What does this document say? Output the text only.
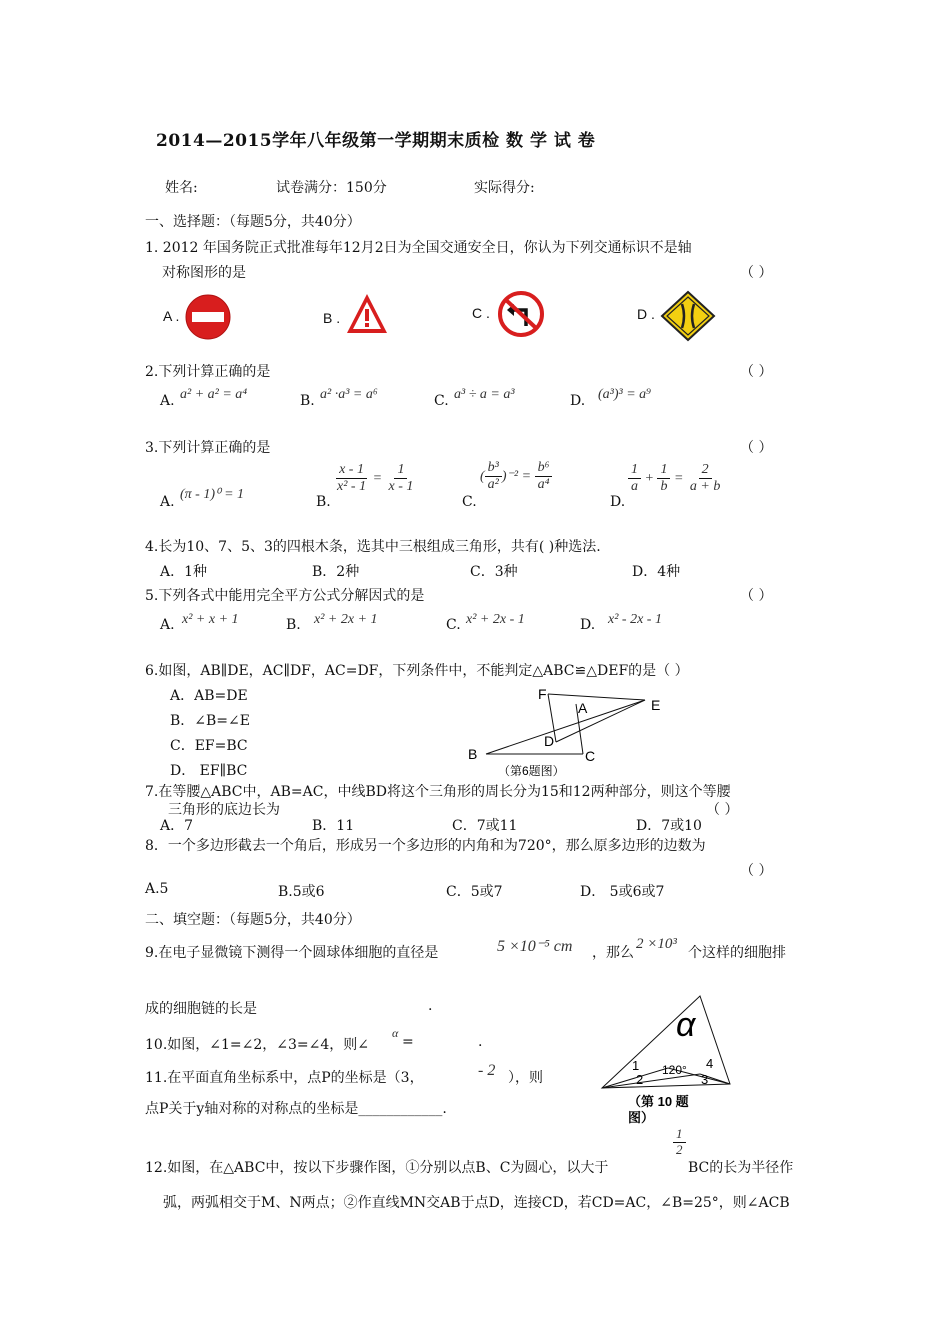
2014—2015学年八年级第一学期期末质检 数 学 试 卷
姓名:	试卷满分：150分	实际得分:
一、选择题：（每题5分，共40分）
1. 2012 年国务院正式批准每年12月2日为全国交通安全日，你认为下列交通标识不是轴
对称图形的是	（ ）
A .	B .	C .	D .
2.下列计算正确的是	（ ）
A. a² + a² = a⁴	B. a² ·a³ = a⁶	C. a³ ÷ a = a³	D. (a³)³ = a⁹
3.下列计算正确的是	（ ）
A. (π - 1)⁰ = 1	B.
$\frac{x - 1}{\text{x² - 1}} = \frac{1}{x - 1}$
C.
( $\frac{\text{b³}}{\text{a²}} )^{-2} = \frac{\text{b⁶}}{\text{a⁴}}$
D.
$\frac{1}{a} + \frac{1}{b} = \frac{2}{a + b}$
4.长为10、7、5、3的四根木条，选其中三根组成三角形，共有( )种选法.
A．1种	B．2种	C．3种	D．4种
5.下列各式中能用完全平方公式分解因式的是	（ ）
A. x² + x + 1	B. x² + 2x + 1	C. x² + 2x - 1	D. x² - 2x - 1
6.如图，AB∥DE，AC∥DF，AC=DF，下列条件中，不能判定△ABC≌△DEF的是（ ）
A．AB=DE
B．∠B=∠E
C．EF=BC
D． EF∥BC
F
A	E
D
B	C
（第6题图）
7.在等腰△ABC中，AB=AC，中线BD将这个三角形的周长分为15和12两种部分，则这个等腰
三角形的底边长为	（ ）
A．7	B．11	C．7或11	D．7或10
8．一个多边形截去一个角后，形成另一个多边形的内角和为720°，那么原多边形的边数为
（ ）
A.5	B.5或6	C．5或7	D． 5或6或7
二、填空题：（每题5分，共40分）
9.在电子显微镜下测得一个圆球体细胞的直径是	5 ×10⁻⁵ cm ，那么
2 ×10³
个这样的细胞排
成的细胞链的长是	.
10.如图，∠1=∠2，∠3=∠4，则∠
α
=	.	α
1
2
120° 4
3
（第 10 题
图）
11.在平面直角坐标系中，点P的坐标是（3，	- 2 ），则
点P关于y轴对称的对称点的坐标是____________.
12.如图，在△ABC中，按以下步骤作图，①分别以点B、C为圆心，以大于
$\frac{1}{2}$
BC的长为半径作
弧，两弧相交于M、N两点；②作直线MN交AB于点D，连接CD，若CD=AC，∠B=25°，则∠ACB
